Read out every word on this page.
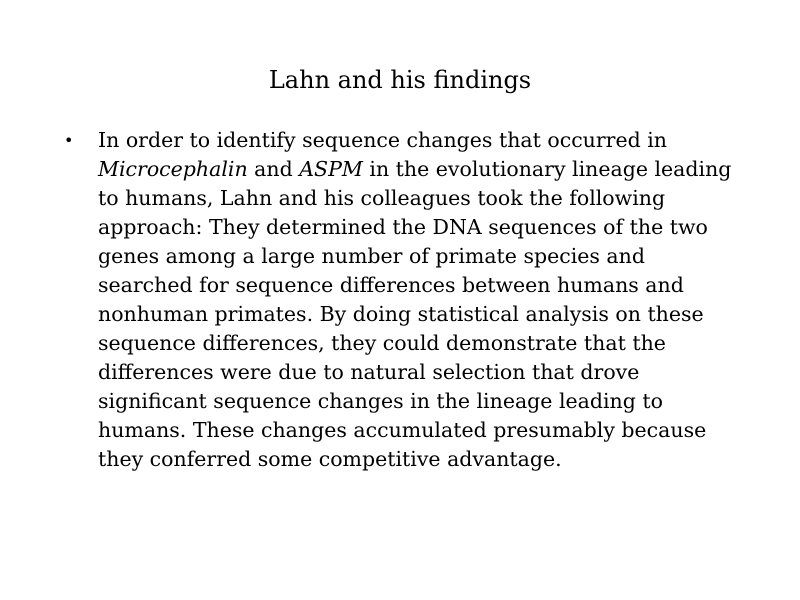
Lahn and his findings
• In order to identify sequence changes that occurred in Microcephalin and ASPM in the evolutionary lineage leading to humans, Lahn and his colleagues took the following approach: They determined the DNA sequences of the two genes among a large number of primate species and searched for sequence differences between humans and nonhuman primates. By doing statistical analysis on these sequence differences, they could demonstrate that the differences were due to natural selection that drove significant sequence changes in the lineage leading to humans. These changes accumulated presumably because they conferred some competitive advantage.
